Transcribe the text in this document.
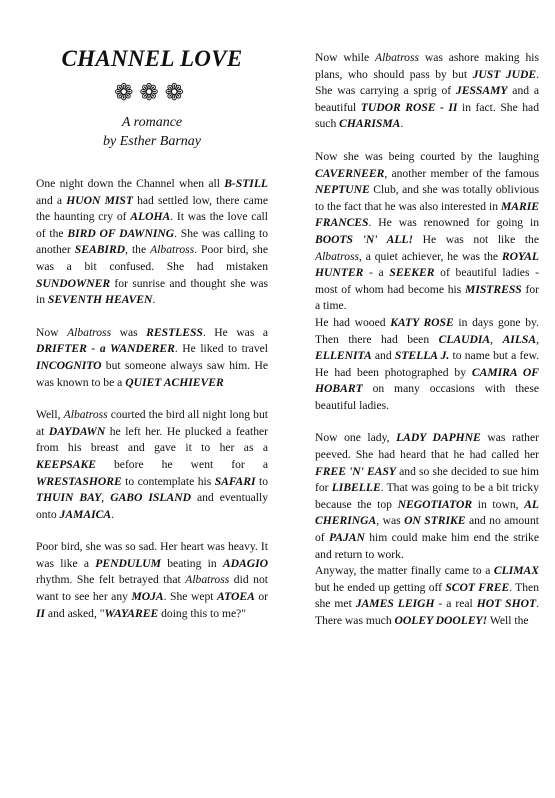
CHANNEL LOVE
❁❁❁
A romance
by Esther Barnay

One night down the Channel when all B-STILL and a HUON MIST had settled low, there came the haunting cry of ALOHA. It was the love call of the BIRD OF DAWNING. She was calling to another SEABIRD, the Albatross. Poor bird, she was a bit confused. She had mistaken SUNDOWNER for sunrise and thought she was in SEVENTH HEAVEN.

Now Albatross was RESTLESS. He was a DRIFTER - a WANDERER. He liked to travel INCOGNITO but someone always saw him. He was known to be a QUIET ACHIEVER

Well, Albatross courted the bird all night long but at DAYDAWN he left her. He plucked a feather from his breast and gave it to her as a KEEPSAKE before he went for a WRESTASHORE to contemplate his SAFARI to THUIN BAY, GABO ISLAND and eventually onto JAMAICA.

Poor bird, she was so sad. Her heart was heavy. It was like a PENDULUM beating in ADAGIO rhythm. She felt betrayed that Albatross did not want to see her any MOJA. She wept ATOEA or II and asked, "WAYAREE doing this to me?"

Now while Albatross was ashore making his plans, who should pass by but JUST JUDE. She was carrying a sprig of JESSAMY and a beautiful TUDOR ROSE - II in fact. She had such CHARISMA.

Now she was being courted by the laughing CAVERNEER, another member of the famous NEPTUNE Club, and she was totally oblivious to the fact that he was also interested in MARIE FRANCES. He was renowned for going in BOOTS 'N' ALL! He was not like the Albatross, a quiet achiever, he was the ROYAL HUNTER - a SEEKER of beautiful ladies - most of whom had become his MISTRESS for a time.

He had wooed KATY ROSE in days gone by. Then there had been CLAUDIA, AILSA, ELLENITA and STELLA J. to name but a few. He had been photographed by CAMIRA OF HOBART on many occasions with these beautiful ladies.

Now one lady, LADY DAPHNE was rather peeved. She had heard that he had called her FREE 'N' EASY and so she decided to sue him for LIBELLE. That was going to be a bit tricky because the top NEGOTIATOR in town, AL CHERINGA, was ON STRIKE and no amount of PAJAN him could make him end the strike and return to work.

Anyway, the matter finally came to a CLIMAX but he ended up getting off SCOT FREE. Then she met JAMES LEIGH - a real HOT SHOT. There was much OOLEY DOOLEY! Well the
